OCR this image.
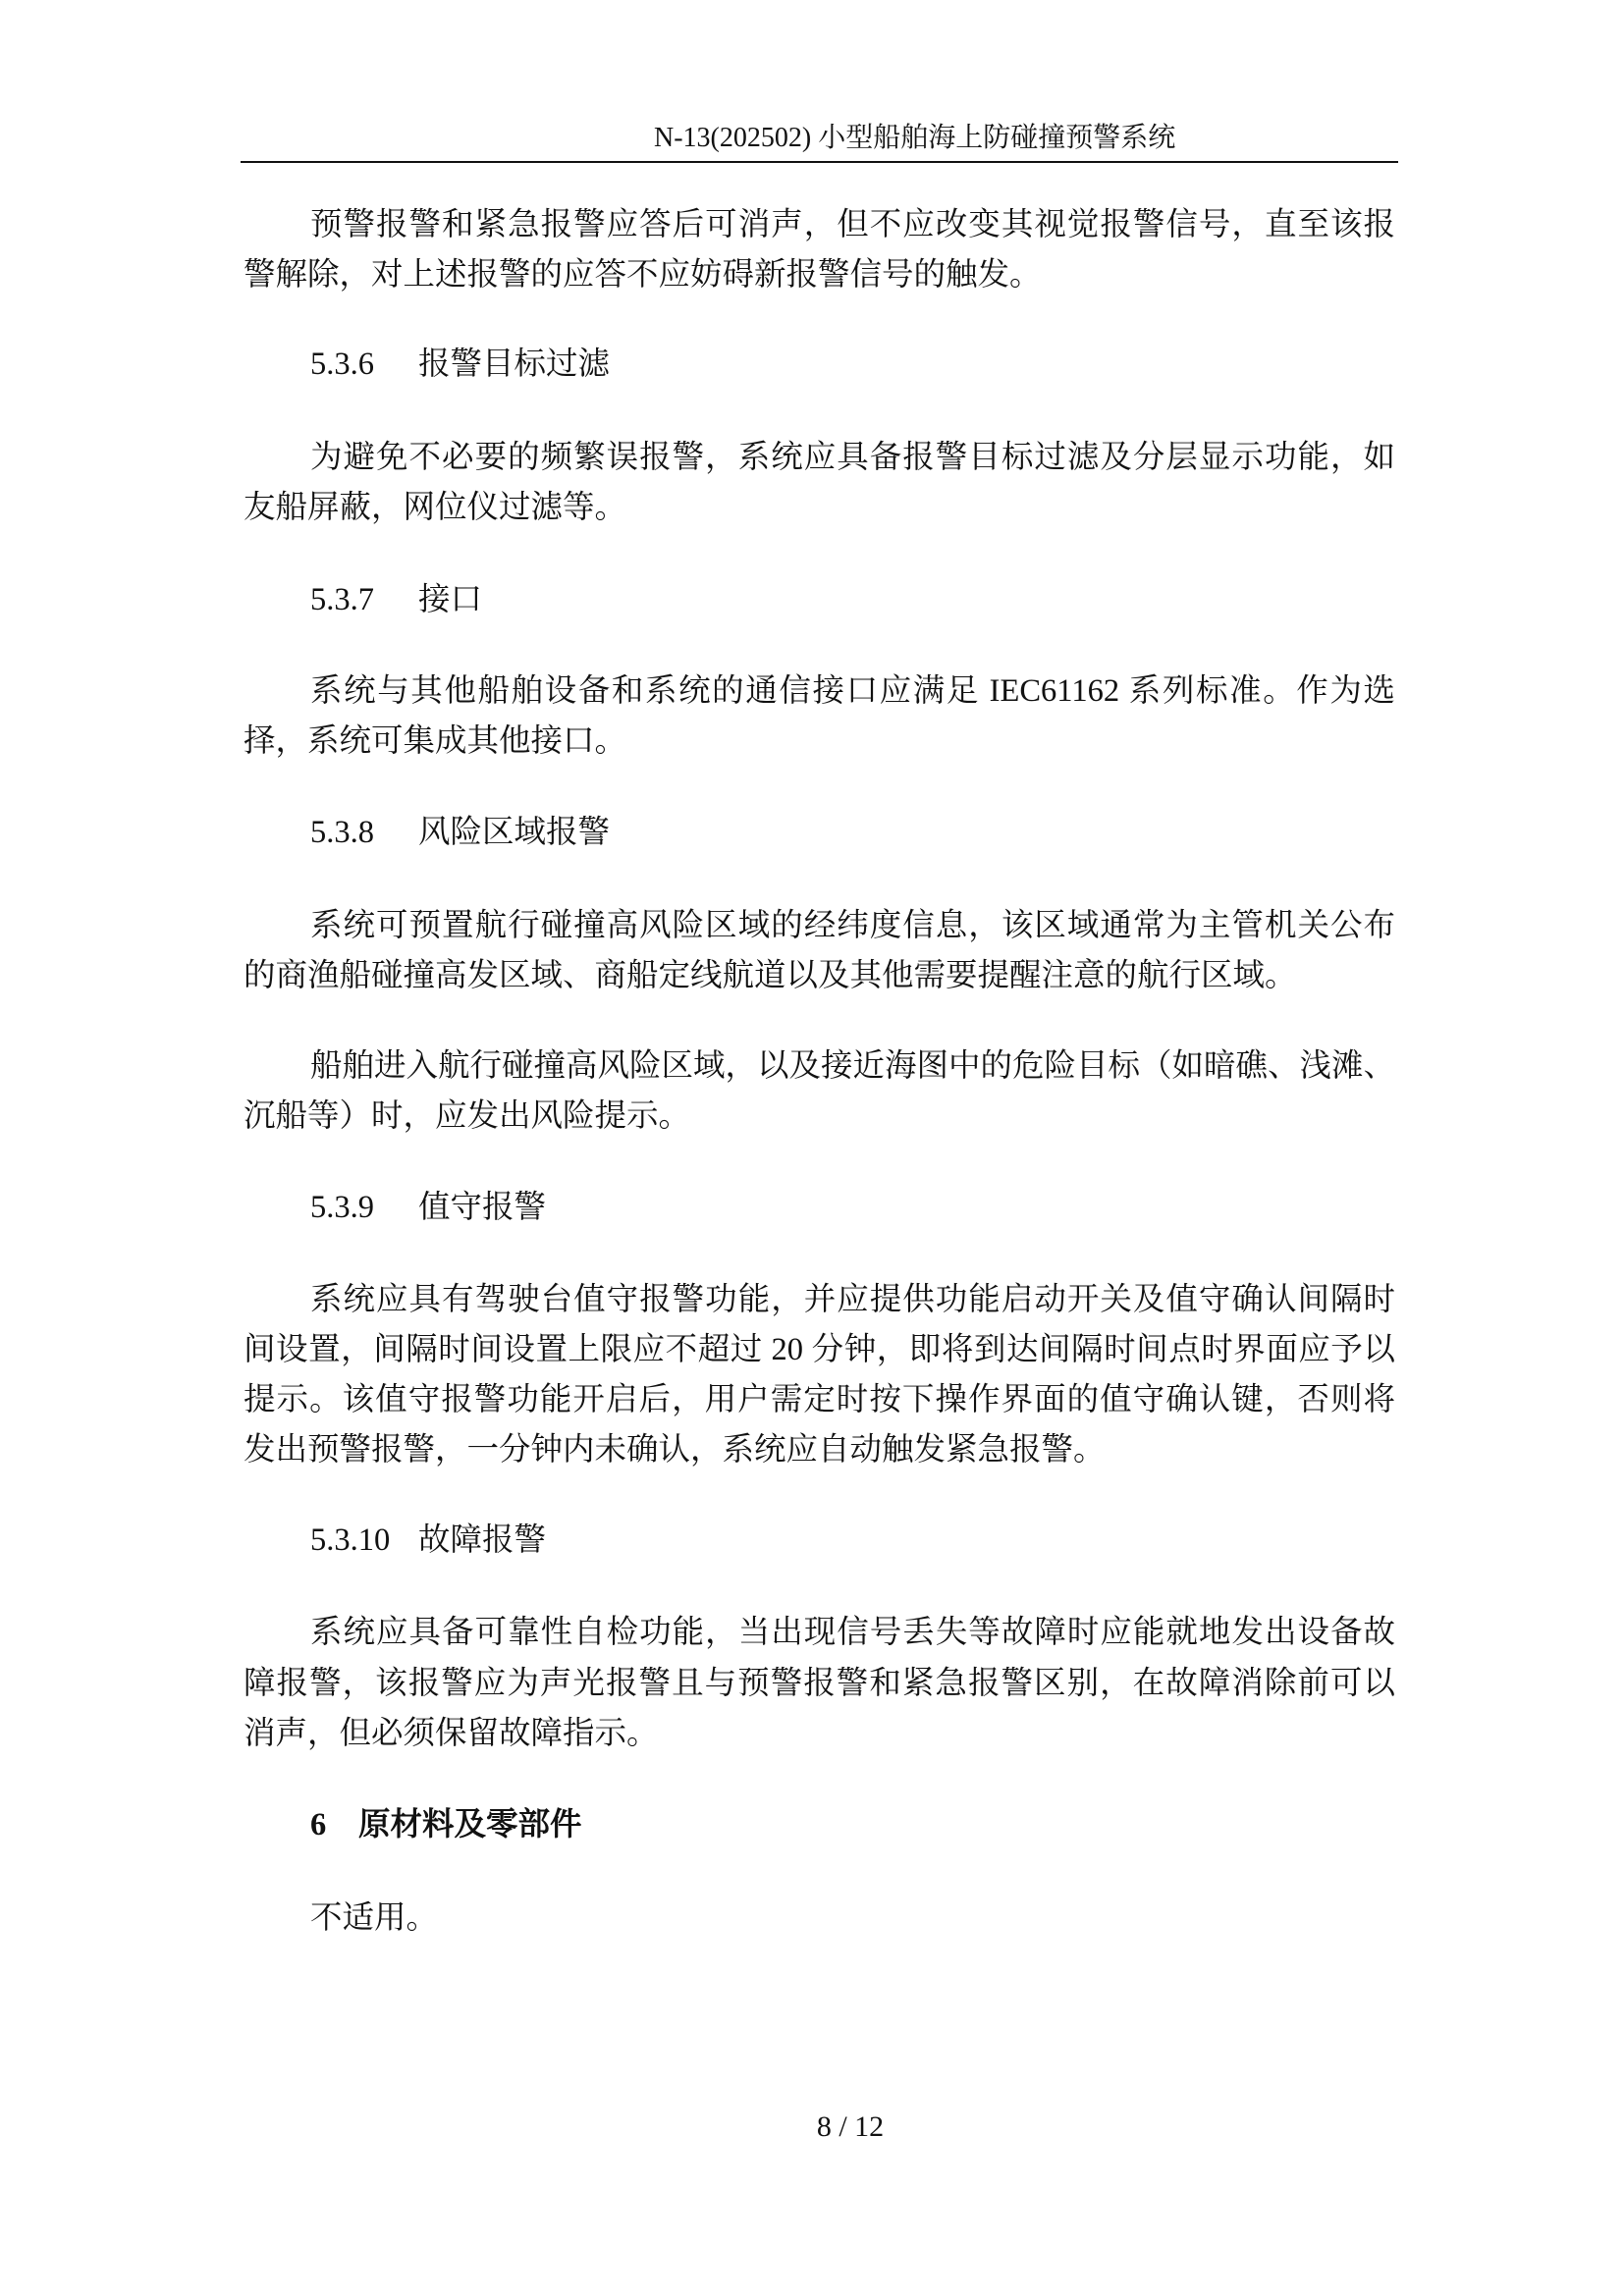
N-13(202502) 小型船舶海上防碰撞预警系统
预警报警和紧急报警应答后可消声，但不应改变其视觉报警信号，直至该报
警解除，对上述报警的应答不应妨碍新报警信号的触发。
5.3.6	报警目标过滤
为避免不必要的频繁误报警，系统应具备报警目标过滤及分层显示功能，如
友船屏蔽，网位仪过滤等。
5.3.7	接口
系统与其他船舶设备和系统的通信接口应满足 IEC61162 系列标准。作为选
择，系统可集成其他接口。
5.3.8	风险区域报警
系统可预置航行碰撞高风险区域的经纬度信息，该区域通常为主管机关公布
的商渔船碰撞高发区域、商船定线航道以及其他需要提醒注意的航行区域。
船舶进入航行碰撞高风险区域，以及接近海图中的危险目标（如暗礁、浅滩、
沉船等）时，应发出风险提示。
5.3.9	值守报警
系统应具有驾驶台值守报警功能，并应提供功能启动开关及值守确认间隔时
间设置，间隔时间设置上限应不超过 20 分钟，即将到达间隔时间点时界面应予以
提示。该值守报警功能开启后，用户需定时按下操作界面的值守确认键，否则将
发出预警报警，一分钟内未确认，系统应自动触发紧急报警。
5.3.10 故障报警
系统应具备可靠性自检功能，当出现信号丢失等故障时应能就地发出设备故
障报警，该报警应为声光报警且与预警报警和紧急报警区别，在故障消除前可以
消声，但必须保留故障指示。
6	原材料及零部件
不适用。
8 / 12
